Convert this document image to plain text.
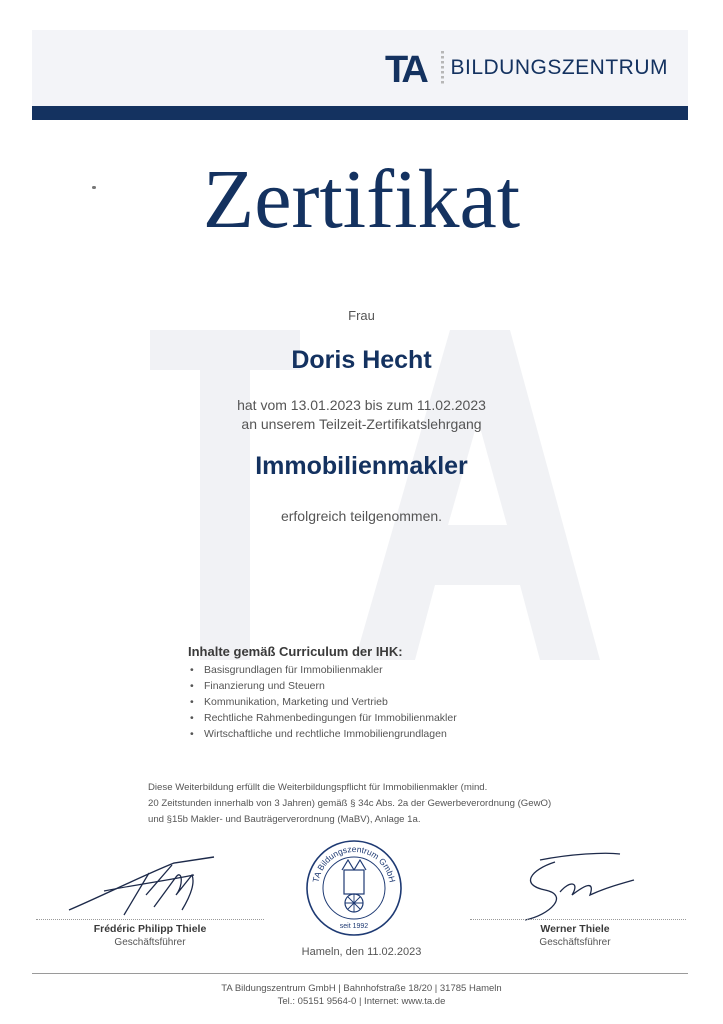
TA BILDUNGSZENTRUM
Zertifikat
Frau
Doris Hecht
hat vom 13.01.2023 bis zum 11.02.2023
an unserem Teilzeit-Zertifikatslehrgang
Immobilienmakler
erfolgreich teilgenommen.
Inhalte gemäß Curriculum der IHK:
• Basisgrundlagen für Immobilienmakler
• Finanzierung und Steuern
• Kommunikation, Marketing und Vertrieb
• Rechtliche Rahmenbedingungen für Immobilienmakler
• Wirtschaftliche und rechtliche Immobiliengrundlagen
Diese Weiterbildung erfüllt die Weiterbildungspflicht für Immobilienmakler (mind.
20 Zeitstunden innerhalb von 3 Jahren) gemäß § 34c Abs. 2a der Gewerbeverordnung (GewO)
und §15b Makler- und Bauträgerverordnung (MaBV), Anlage 1a.
Frédéric Philipp Thiele
Geschäftsführer
Werner Thiele
Geschäftsführer
TA Bildungszentrum GmbH
seit 1992
Hameln, den 11.02.2023
TA Bildungszentrum GmbH | Bahnhofstraße 18/20 | 31785 Hameln
Tel.: 05151 9564-0 | Internet: www.ta.de
